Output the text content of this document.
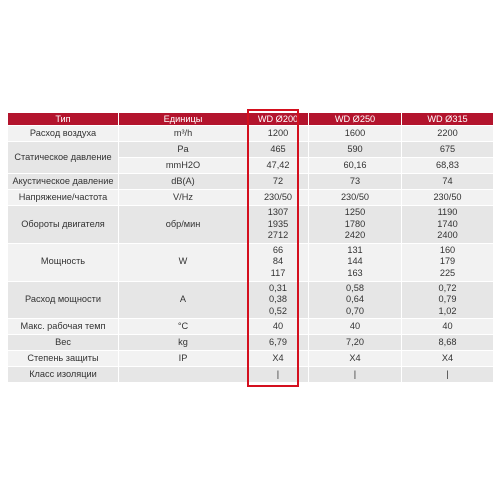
Тип	Единицы	WD Ø200	WD Ø250	WD Ø315
Расход воздуха	m³/h	1200	1600	2200

Статическое давление	Pa	465	590	675

	mmH2O	47,42	60,16	68,83

Акустическое давление	dB(A)	72	73	74

Напряжение/частота	V/Hz	230/50	230/50	230/50

Обороты двигателя	обр/мин	1307
1935
2712	1250
1780
2420	1190
1740
2400

Мощность	W	66
84
117	131
144
163	160
179
225

Расход мощности	A	0,31
0,38
0,52	0,58
0,64
0,70	0,72
0,79
1,02

Макс. рабочая темп	°C	40	40	40

Вес	kg	6,79	7,20	8,68

Степень защиты	IP	X4	X4	X4

Класс изоляции		|	|	|
